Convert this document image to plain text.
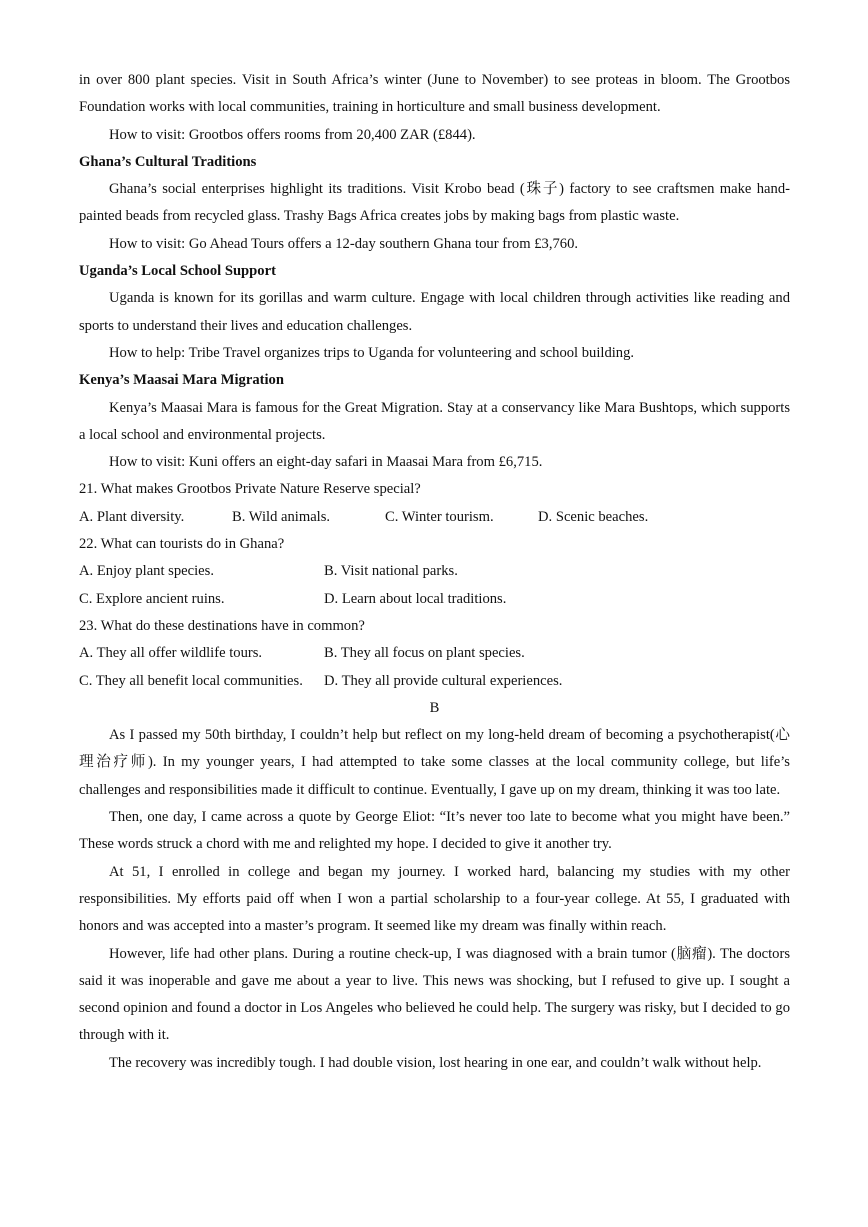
in over 800 plant species. Visit in South Africa’s winter (June to November) to see proteas in bloom. The Grootbos Foundation works with local communities, training in horticulture and small business development.

How to visit: Grootbos offers rooms from 20,400 ZAR (£844).

Ghana’s Cultural Traditions

Ghana’s social enterprises highlight its traditions. Visit Krobo bead (珠子) factory to see craftsmen make hand-painted beads from recycled glass. Trashy Bags Africa creates jobs by making bags from plastic waste.

How to visit: Go Ahead Tours offers a 12-day southern Ghana tour from £3,760.

Uganda’s Local School Support

Uganda is known for its gorillas and warm culture. Engage with local children through activities like reading and sports to understand their lives and education challenges.

How to help: Tribe Travel organizes trips to Uganda for volunteering and school building.

Kenya’s Maasai Mara Migration

Kenya’s Maasai Mara is famous for the Great Migration. Stay at a conservancy like Mara Bushtops, which supports a local school and environmental projects.

How to visit: Kuni offers an eight-day safari in Maasai Mara from £6,715.

21. What makes Grootbos Private Nature Reserve special?

A. Plant diversity.	B. Wild animals.	C. Winter tourism.	D. Scenic beaches.

22. What can tourists do in Ghana?

A. Enjoy plant species.	B. Visit national parks.

C. Explore ancient ruins.	D. Learn about local traditions.

23. What do these destinations have in common?

A. They all offer wildlife tours.	B. They all focus on plant species.

C. They all benefit local communities.	D. They all provide cultural experiences.

B

As I passed my 50th birthday, I couldn’t help but reflect on my long-held dream of becoming a psychotherapist(心理治疗师). In my younger years, I had attempted to take some classes at the local community college, but life’s challenges and responsibilities made it difficult to continue. Eventually, I gave up on my dream, thinking it was too late.

Then, one day, I came across a quote by George Eliot: “It’s never too late to become what you might have been.” These words struck a chord with me and relighted my hope. I decided to give it another try.

At 51, I enrolled in college and began my journey. I worked hard, balancing my studies with my other responsibilities. My efforts paid off when I won a partial scholarship to a four-year college. At 55, I graduated with honors and was accepted into a master’s program. It seemed like my dream was finally within reach.

However, life had other plans. During a routine check-up, I was diagnosed with a brain tumor (脑瘤). The doctors said it was inoperable and gave me about a year to live. This news was shocking, but I refused to give up. I sought a second opinion and found a doctor in Los Angeles who believed he could help. The surgery was risky, but I decided to go through with it.

The recovery was incredibly tough. I had double vision, lost hearing in one ear, and couldn’t walk without help.
